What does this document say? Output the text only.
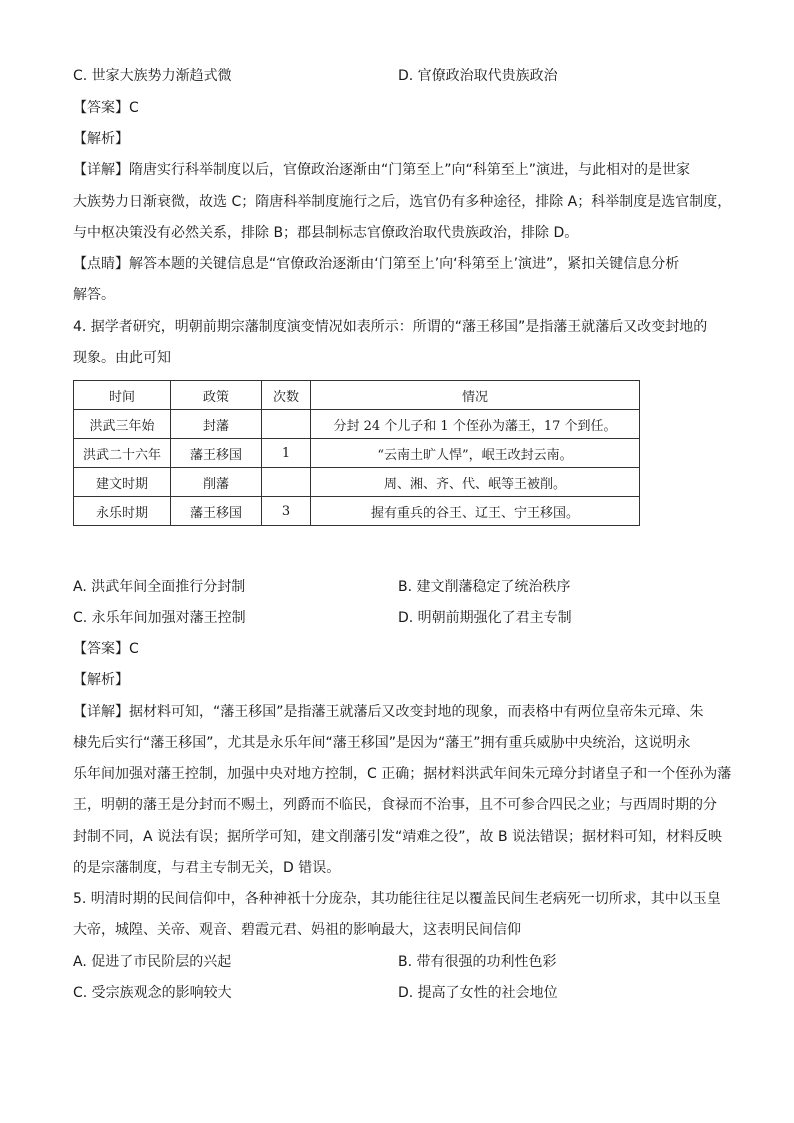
C. 世家大族势力渐趋式微	D. 官僚政治取代贵族政治
【答案】C
【解析】
【详解】隋唐实行科举制度以后，官僚政治逐渐由“门第至上”向“科第至上”演进，与此相对的是世家
大族势力日渐衰微，故选 C；隋唐科举制度施行之后，选官仍有多种途径，排除 A；科举制度是选官制度，
与中枢决策没有必然关系，排除 B；郡县制标志官僚政治取代贵族政治，排除 D。
【点睛】解答本题的关键信息是“官僚政治逐渐由‘门第至上’向‘科第至上’演进”，紧扣关键信息分析
解答。
4. 据学者研究，明朝前期宗藩制度演变情况如表所示：所谓的“藩王移国”是指藩王就藩后又改变封地的
现象。由此可知
时间	政策	次数	情况
洪武三年始	封藩		分封 24 个儿子和 1 个侄孙为藩王，17 个到任。
洪武二十六年	藩王移国	1	“云南土旷人悍”，岷王改封云南。
建文时期	削藩		周、湘、齐、代、岷等王被削。
永乐时期	藩王移国	3	握有重兵的谷王、辽王、宁王移国。
A. 洪武年间全面推行分封制	B. 建文削藩稳定了统治秩序
C. 永乐年间加强对藩王控制	D. 明朝前期强化了君主专制
【答案】C
【解析】
【详解】据材料可知，“藩王移国”是指藩王就藩后又改变封地的现象，而表格中有两位皇帝朱元璋、朱
棣先后实行“藩王移国”，尤其是永乐年间“藩王移国”是因为“藩王”拥有重兵威胁中央统治，这说明永
乐年间加强对藩王控制，加强中央对地方控制，C 正确；据材料洪武年间朱元璋分封诸皇子和一个侄孙为藩
王，明朝的藩王是分封而不赐土，列爵而不临民，食禄而不治事，且不可参合四民之业；与西周时期的分
封制不同，A 说法有误；据所学可知，建文削藩引发“靖难之役”，故 B 说法错误；据材料可知，材料反映
的是宗藩制度，与君主专制无关，D 错误。
5. 明清时期的民间信仰中，各种神祇十分庞杂，其功能往往足以覆盖民间生老病死一切所求，其中以玉皇
大帝，城隍、关帝、观音、碧霞元君、妈祖的影响最大，这表明民间信仰
A. 促进了市民阶层的兴起	B. 带有很强的功利性色彩
C. 受宗族观念的影响较大	D. 提高了女性的社会地位
